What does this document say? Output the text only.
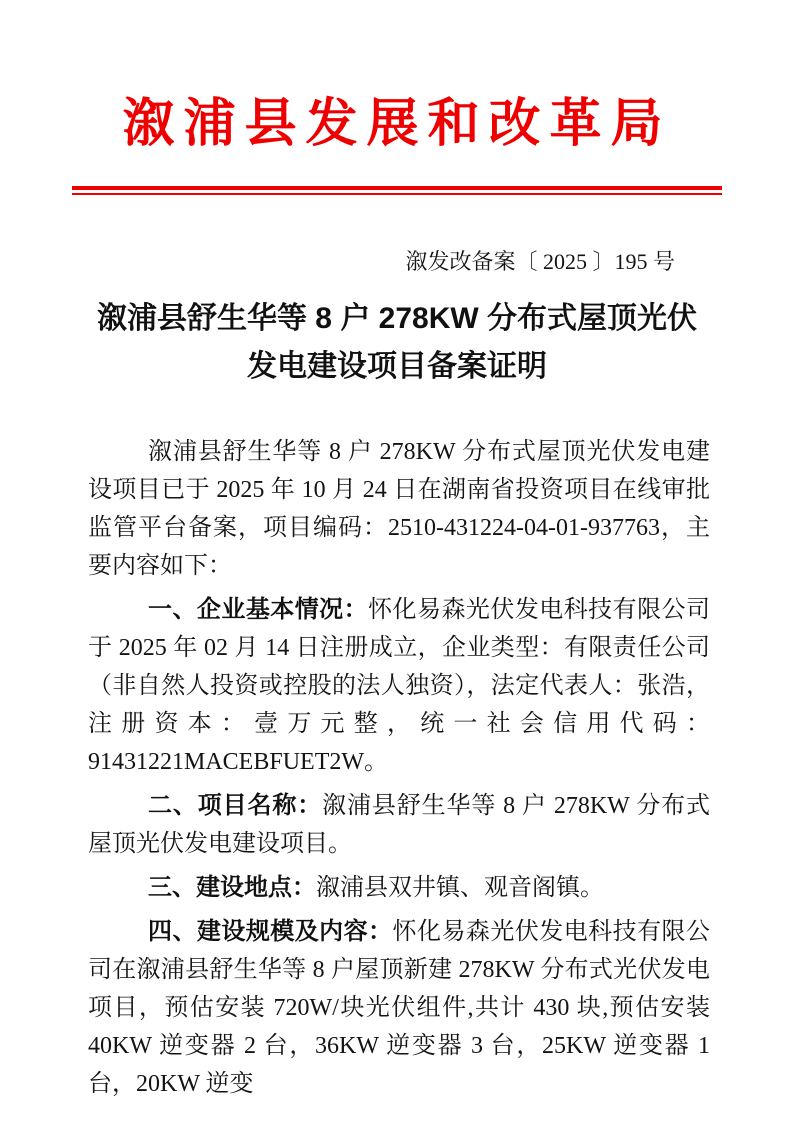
溆浦县发展和改革局
溆发改备案〔 2025 〕195 号
溆浦县舒生华等 8 户 278KW 分布式屋顶光伏
发电建设项目备案证明

溆浦县舒生华等 8 户 278KW 分布式屋顶光伏发电建设项目已于 2025 年 10 月 24 日在湖南省投资项目在线审批监管平台备案，项目编码：2510-431224-04-01-937763，主要内容如下：

一、企业基本情况：怀化易森光伏发电科技有限公司于 2025 年 02 月 14 日注册成立，企业类型：有限责任公司（非自然人投资或控股的法人独资），法定代表人：张浩，注册资本：壹万元整，统一社会信用代码：91431221MACEBFUET2W。

二、项目名称：溆浦县舒生华等 8 户 278KW 分布式屋顶光伏发电建设项目。

三、建设地点：溆浦县双井镇、观音阁镇。

四、建设规模及内容：怀化易森光伏发电科技有限公司在溆浦县舒生华等 8 户屋顶新建 278KW 分布式光伏发电项目，预估安装 720W/块光伏组件,共计 430 块,预估安装 40KW 逆变器 2 台，36KW 逆变器 3 台，25KW 逆变器 1 台，20KW 逆变
